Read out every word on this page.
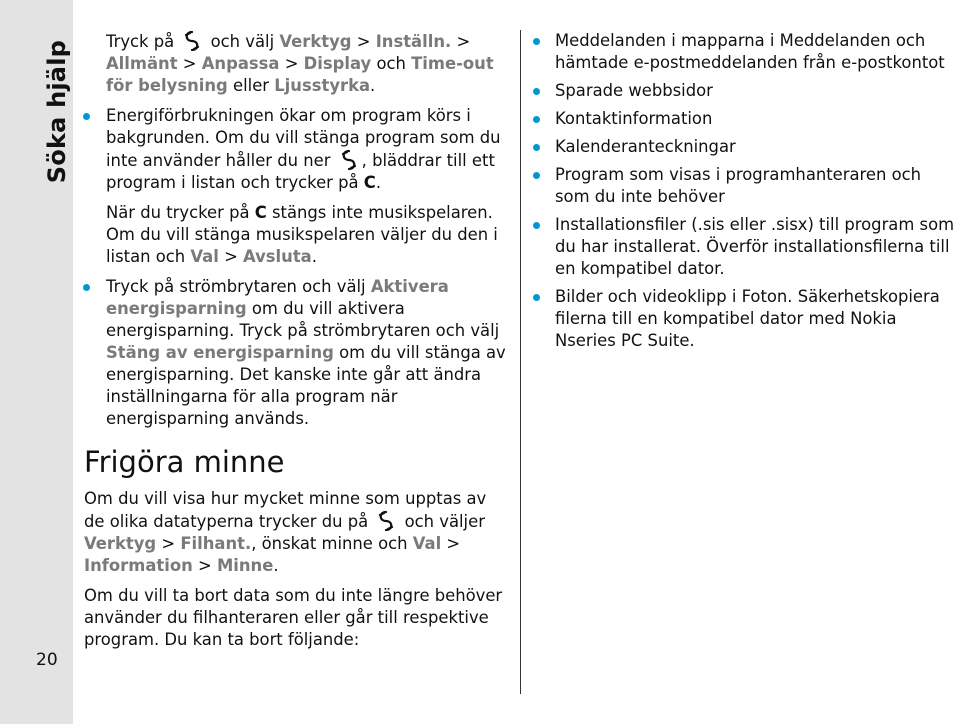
Söka hjälp
20

Tryck på och välj Verktyg > Inställn. > Allmänt > Anpassa > Display och Time-out för belysning eller Ljusstyrka.

Energiförbrukningen ökar om program körs i bakgrunden. Om du vill stänga program som du inte använder håller du ner , bläddrar till ett program i listan och trycker på C.
När du trycker på C stängs inte musikspelaren. Om du vill stänga musikspelaren väljer du den i listan och Val > Avsluta.
Tryck på strömbrytaren och välj Aktivera energisparning om du vill aktivera energisparning. Tryck på strömbrytaren och välj Stäng av energisparning om du vill stänga av energisparning. Det kanske inte går att ändra inställningarna för alla program när energisparning används.
Frigöra minne

Om du vill visa hur mycket minne som upptas av de olika datatyperna trycker du på och väljer Verktyg > Filhant., önskat minne och Val > Information > Minne.

Om du vill ta bort data som du inte längre behöver använder du filhanteraren eller går till respektive program. Du kan ta bort följande:

Meddelanden i mapparna i Meddelanden och hämtade e-postmeddelanden från e-postkontot
Sparade webbsidor
Kontaktinformation
Kalenderanteckningar
Program som visas i programhanteraren och som du inte behöver
Installationsfiler (.sis eller .sisx) till program som du har installerat. Överför installationsfilerna till en kompatibel dator.
Bilder och videoklipp i Foton. Säkerhetskopiera filerna till en kompatibel dator med Nokia Nseries PC Suite.
